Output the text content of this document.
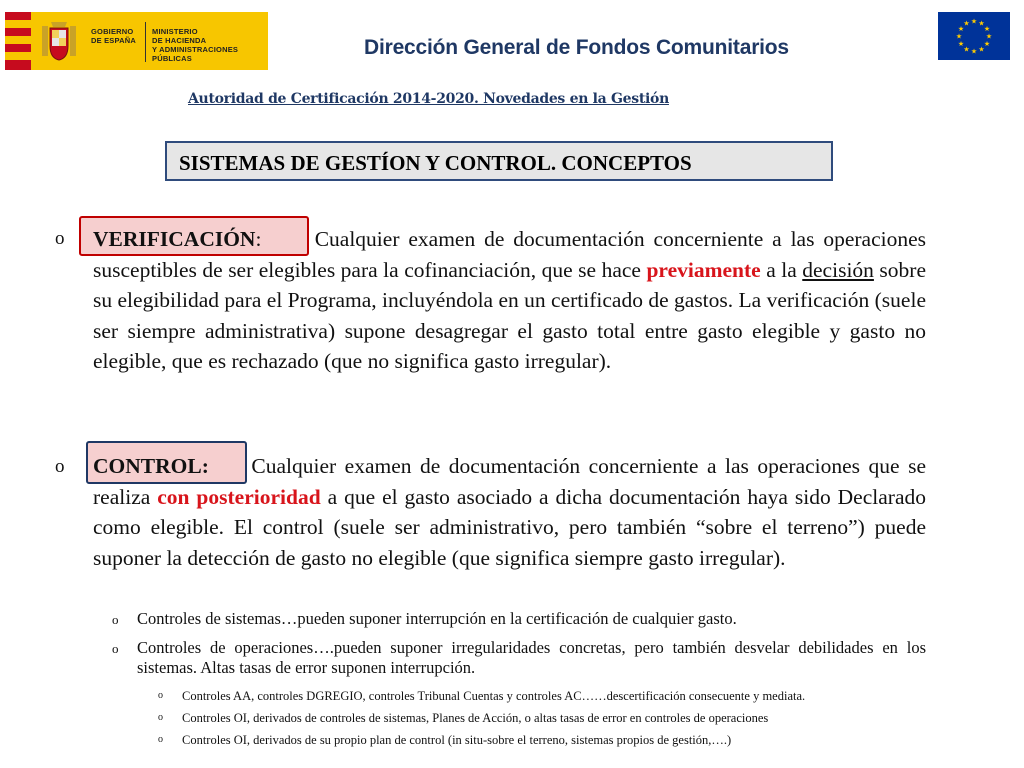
GOBIERNO
DE ESPAÑA
MINISTERIO
DE HACIENDA
Y ADMINISTRACIONES PÚBLICAS
★ ★
★
★
★
★
★
★
★
★
★
★
Dirección General de Fondos Comunitarios
Autoridad de Certificación 2014-2020. Novedades en la Gestión
SISTEMAS DE GESTÍON Y CONTROL. CONCEPTOS
o VERIFICACIÓN: Cualquier examen de documentación concerniente a las operaciones susceptibles de ser elegibles para la cofinanciación, que se hace previamente a la decisión sobre su elegibilidad para el Programa, incluyéndola en un certificado de gastos. La verificación (suele ser siempre administrativa) supone desagregar el gasto total entre gasto elegible y gasto no elegible, que es rechazado (que no significa gasto irregular).
o CONTROL: Cualquier examen de documentación concerniente a las operaciones que se realiza con posterioridad a que el gasto asociado a dicha documentación haya sido Declarado como elegible. El control (suele ser administrativo, pero también “sobre el terreno”) puede suponer la detección de gasto no elegible (que significa siempre gasto irregular).
o Controles de sistemas…pueden suponer interrupción en la certificación de cualquier gasto.
o Controles de operaciones….pueden suponer irregularidades concretas, pero también desvelar debilidades en los sistemas. Altas tasas de error suponen interrupción.
o Controles AA, controles DGREGIO, controles Tribunal Cuentas y controles AC……descertificación consecuente y mediata.
o Controles OI, derivados de controles de sistemas, Planes de Acción, o altas tasas de error en controles de operaciones
o Controles OI, derivados de su propio plan de control (in situ-sobre el terreno, sistemas propios de gestión,….)
